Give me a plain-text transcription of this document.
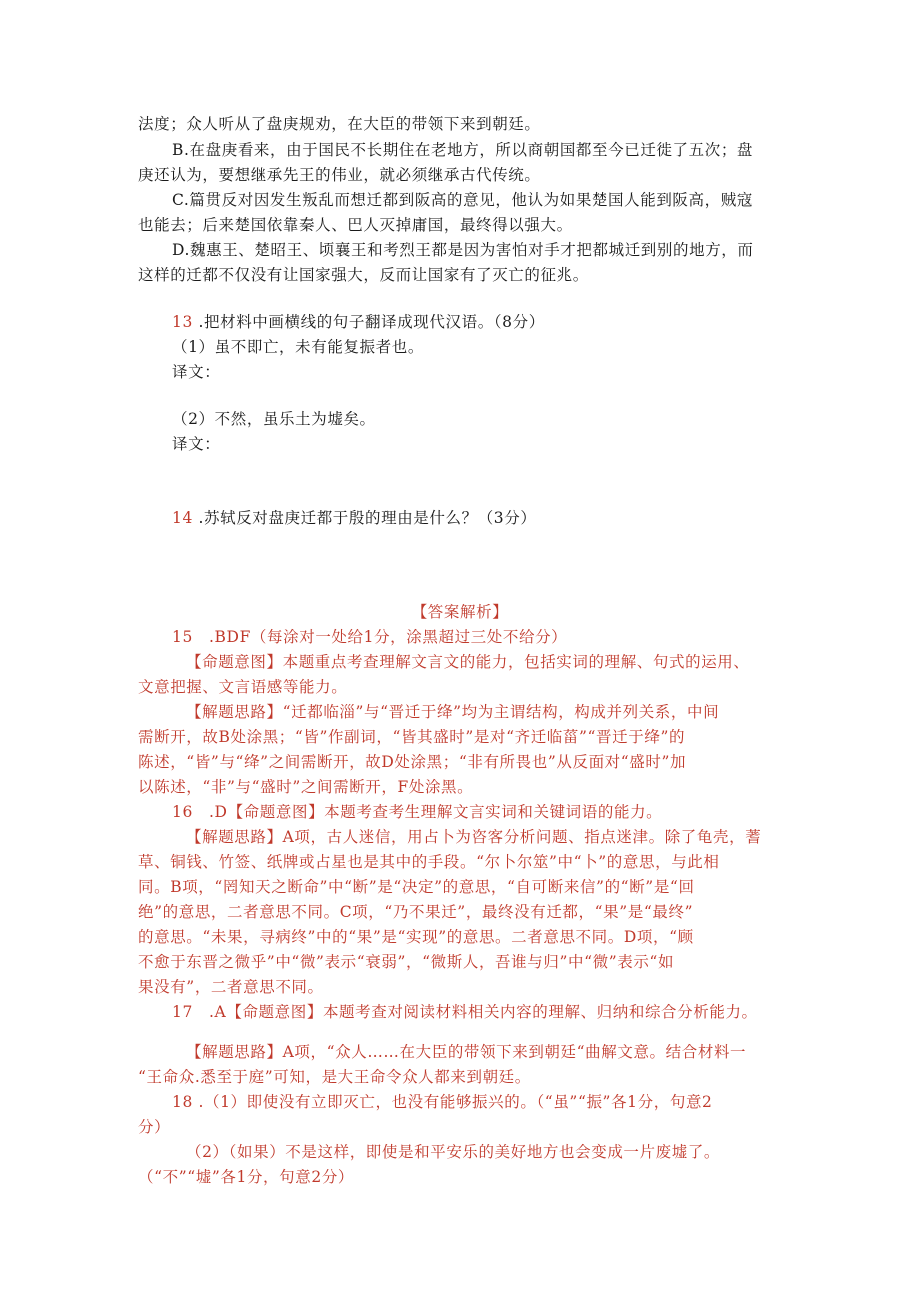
法度；众人听从了盘庚规劝，在大臣的带领下来到朝廷。
B.在盘庚看来，由于国民不长期住在老地方，所以商朝国都至今已迁徙了五次；盘
庚还认为，要想继承先王的伟业，就必须继承古代传统。
C.篇贯反对因发生叛乱而想迁都到阪高的意见，他认为如果楚国人能到阪高，贼寇
也能去；后来楚国依靠秦人、巴人灭掉庸国，最终得以强大。
D.魏惠王、楚昭王、顷襄王和考烈王都是因为害怕对手才把都城迁到别的地方，而
这样的迁都不仅没有让国家强大，反而让国家有了灭亡的征兆。
13 .把材料中画横线的句子翻译成现代汉语。（8分）
（1）虽不即亡，未有能复振者也。
译文：
（2）不然，虽乐土为墟矣。
译文：
14 .苏轼反对盘庚迁都于殷的理由是什么？（3分）
【答案解析】
15　.BDF（每涂对一处给1分，涂黑超过三处不给分）
【命题意图】本题重点考查理解文言文的能力，包括实词的理解、句式的运用、
文意把握、文言语感等能力。
【解题思路】“迁都临淄”与“晋迁于绛”均为主谓结构，构成并列关系，中间
需断开，故B处涂黑；“皆”作副词，“皆其盛时”是对“齐迁临菑”“晋迁于绛”的
陈述，“皆”与“绛”之间需断开，故D处涂黑；“非有所畏也”从反面对“盛时”加
以陈述，“非”与“盛时”之间需断开，F处涂黑。
16　.D【命题意图】本题考查考生理解文言实词和关键词语的能力。
【解题思路】A项，古人迷信，用占卜为咨客分析问题、指点迷津。除了龟壳，蓍
草、铜钱、竹签、纸牌或占星也是其中的手段。“尔卜尔筮”中“卜”的意思，与此相
同。B项，“罔知天之断命”中“断”是“决定”的意思，“自可断来信”的“断”是“回
绝”的意思，二者意思不同。C项，“乃不果迁”，最终没有迁都，“果”是“最终”
的意思。“未果，寻病终”中的“果”是“实现”的意思。二者意思不同。D项，“顾
不愈于东晋之微乎”中“微”表示“衰弱”，“微斯人，吾谁与归”中“微”表示“如
果没有”，二者意思不同。
17　.A【命题意图】本题考查对阅读材料相关内容的理解、归纳和综合分析能力。
【解题思路】A项，“众人……在大臣的带领下来到朝廷“曲解文意。结合材料一
“王命众.悉至于庭”可知，是大王命令众人都来到朝廷。
18 .（1）即使没有立即灭亡，也没有能够振兴的。（“虽”“振”各1分，句意2
分）
（2）（如果）不是这样，即使是和平安乐的美好地方也会变成一片废墟了。
（“不”“墟”各1分，句意2分）
